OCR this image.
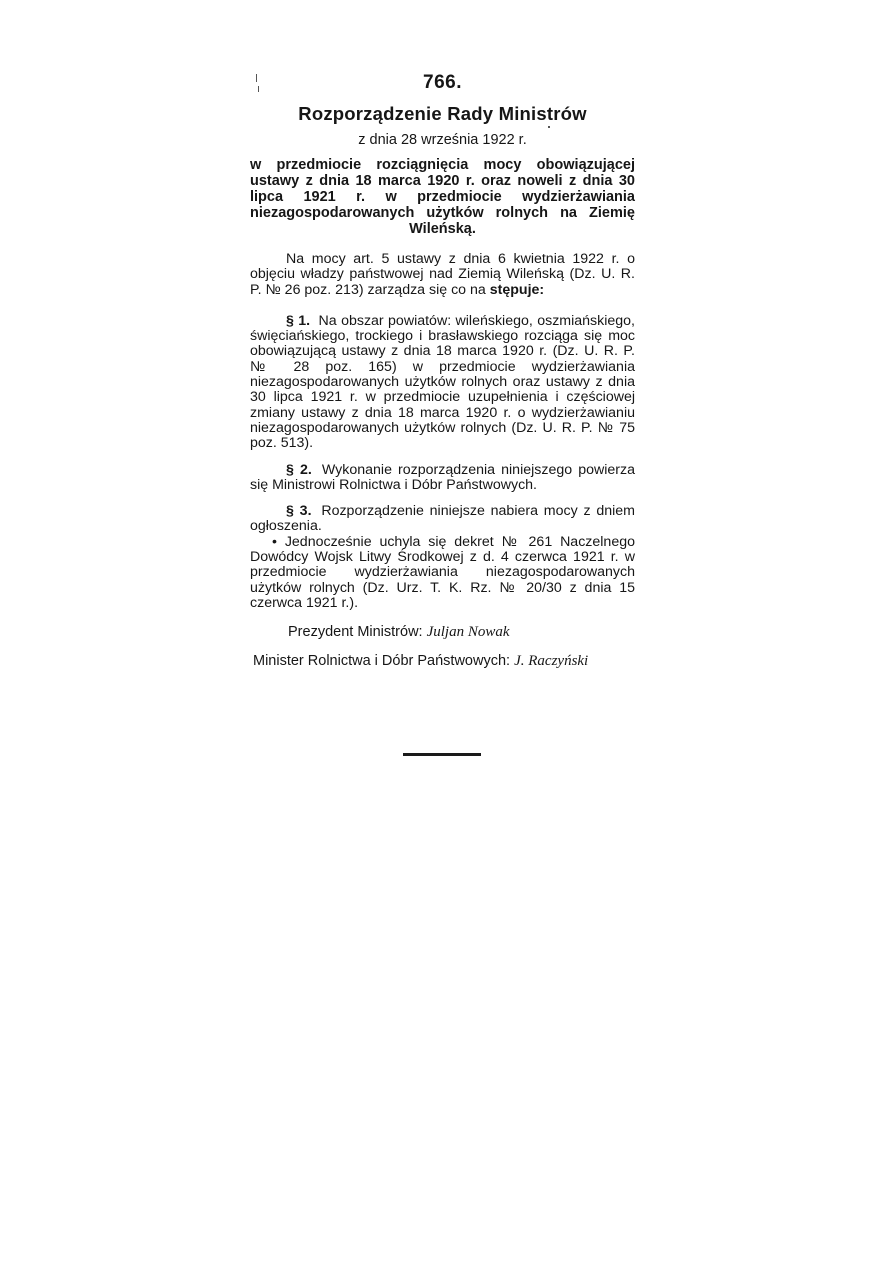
766.
Rozporządzenie Rady Ministrów
z dnia 28 września 1922 r.
w przedmiocie rozciągnięcia mocy obowiązującej ustawy z dnia 18 marca 1920 r. oraz noweli z dnia 30 lipca 1921 r. w przedmiocie wydzierżawiania niezagospodarowanych użytków rolnych na Ziemię Wileńską.
Na mocy art. 5 ustawy z dnia 6 kwietnia 1922 r. o objęciu władzy państwowej nad Ziemią Wileńską (Dz. U. R. P. № 26 poz. 213) zarządza się co na stępuje:
§ 1. Na obszar powiatów: wileńskiego, oszmiańskiego, święciańskiego, trockiego i brasławskiego rozciąga się moc obowiązującą ustawy z dnia 18 marca 1920 r. (Dz. U. R. P. № 28 poz. 165) w przedmiocie wydzierżawiania niezagospodarowanych użytków rolnych oraz ustawy z dnia 30 lipca 1921 r. w przedmiocie uzupełnienia i częściowej zmiany ustawy z dnia 18 marca 1920 r. o wydzierżawianiu niezagospodarowanych użytków rolnych (Dz. U. R. P. № 75 poz. 513).
§ 2. Wykonanie rozporządzenia niniejszego powierza się Ministrowi Rolnictwa i Dóbr Państwowych.
§ 3. Rozporządzenie niniejsze nabiera mocy z dniem ogłoszenia.
• Jednocześnie uchyla się dekret № 261 Naczelnego Dowódcy Wojsk Litwy Środkowej z d. 4 czerwca 1921 r. w przedmiocie wydzierżawiania niezagospodarowanych użytków rolnych (Dz. Urz. T. K. Rz. № 20/30 z dnia 15 czerwca 1921 r.).
Prezydent Ministrów: Juljan Nowak
Minister Rolnictwa i Dóbr Państwowych: J. Raczyński
